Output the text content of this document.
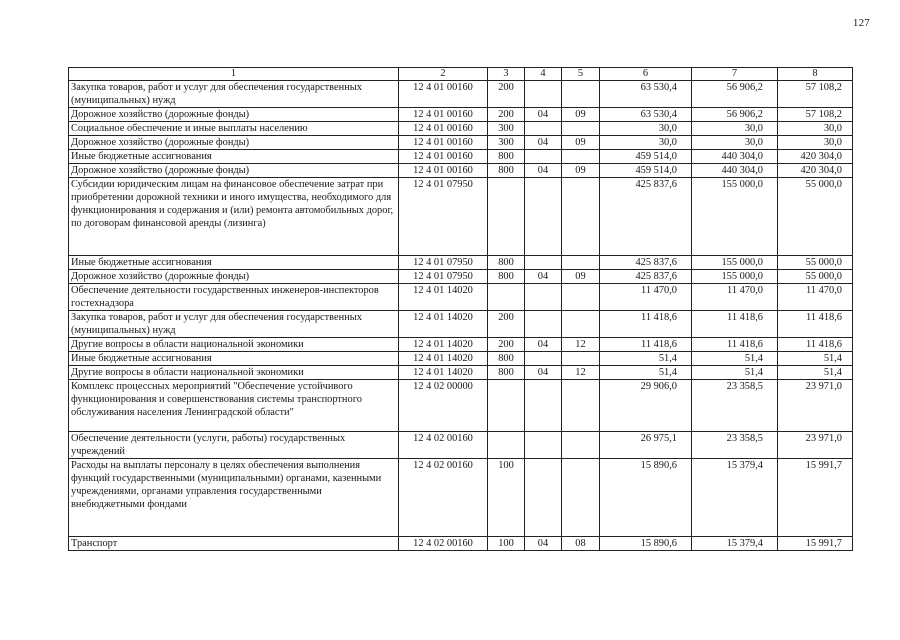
127
1	2	3	4	5	6	7	8
Закупка товаров, работ и услуг для обеспечения государственных (муниципальных) нужд	12 4 01 00160	200			63 530,4	56 906,2	57 108,2
Дорожное хозяйство (дорожные фонды)	12 4 01 00160	200	04	09	63 530,4	56 906,2	57 108,2
Социальное обеспечение и иные выплаты населению	12 4 01 00160	300			30,0	30,0	30,0
Дорожное хозяйство (дорожные фонды)	12 4 01 00160	300	04	09	30,0	30,0	30,0
Иные бюджетные ассигнования	12 4 01 00160	800			459 514,0	440 304,0	420 304,0
Дорожное хозяйство (дорожные фонды)	12 4 01 00160	800	04	09	459 514,0	440 304,0	420 304,0
Субсидии юридическим лицам на финансовое обеспечение затрат при приобретении дорожной техники и иного имущества, необходимого для функционирования и содержания и (или) ремонта автомобильных дорог, по договорам финансовой аренды (лизинга)	12 4 01 07950				425 837,6	155 000,0	55 000,0
Иные бюджетные ассигнования	12 4 01 07950	800			425 837,6	155 000,0	55 000,0
Дорожное хозяйство (дорожные фонды)	12 4 01 07950	800	04	09	425 837,6	155 000,0	55 000,0
Обеспечение деятельности государственных инженеров-инспекторов гостехнадзора	12 4 01 14020				11 470,0	11 470,0	11 470,0
Закупка товаров, работ и услуг для обеспечения государственных (муниципальных) нужд	12 4 01 14020	200			11 418,6	11 418,6	11 418,6
Другие вопросы в области национальной экономики	12 4 01 14020	200	04	12	11 418,6	11 418,6	11 418,6
Иные бюджетные ассигнования	12 4 01 14020	800			51,4	51,4	51,4
Другие вопросы в области национальной экономики	12 4 01 14020	800	04	12	51,4	51,4	51,4
Комплекс процессных мероприятий "Обеспечение устойчивого функционирования и совершенствования системы транспортного обслуживания населения Ленинградской области"	12 4 02 00000				29 906,0	23 358,5	23 971,0
Обеспечение деятельности (услуги, работы) государственных учреждений	12 4 02 00160				26 975,1	23 358,5	23 971,0
Расходы на выплаты персоналу в целях обеспечения выполнения функций государственными (муниципальными) органами, казенными учреждениями, органами управления государственными внебюджетными фондами	12 4 02 00160	100			15 890,6	15 379,4	15 991,7
Транспорт	12 4 02 00160	100	04	08	15 890,6	15 379,4	15 991,7
